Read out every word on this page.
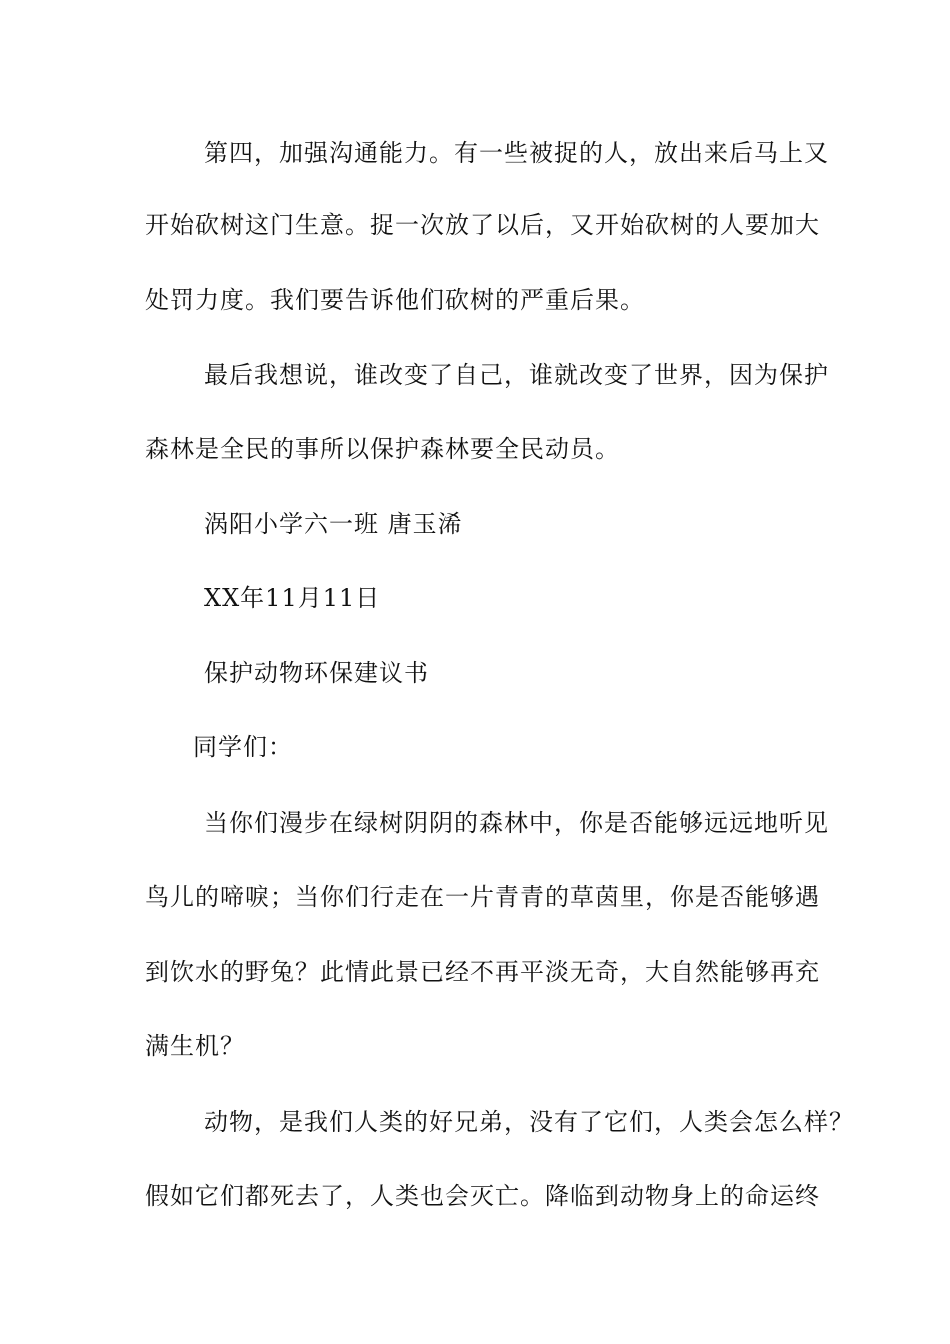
第四，加强沟通能力。有一些被捉的人，放出来后马上又
开始砍树这门生意。捉一次放了以后，又开始砍树的人要加大
处罚力度。我们要告诉他们砍树的严重后果。
最后我想说，谁改变了自己，谁就改变了世界，因为保护
森林是全民的事所以保护森林要全民动员。
涡阳小学六一班 唐玉浠
XX年11月11日
保护动物环保建议书
同学们：
当你们漫步在绿树阴阴的森林中，你是否能够远远地听见
鸟儿的啼唳；当你们行走在一片青青的草茵里，你是否能够遇
到饮水的野兔？此情此景已经不再平淡无奇，大自然能够再充
满生机？
动物，是我们人类的好兄弟，没有了它们，人类会怎么样？
假如它们都死去了，人类也会灭亡。降临到动物身上的命运终
